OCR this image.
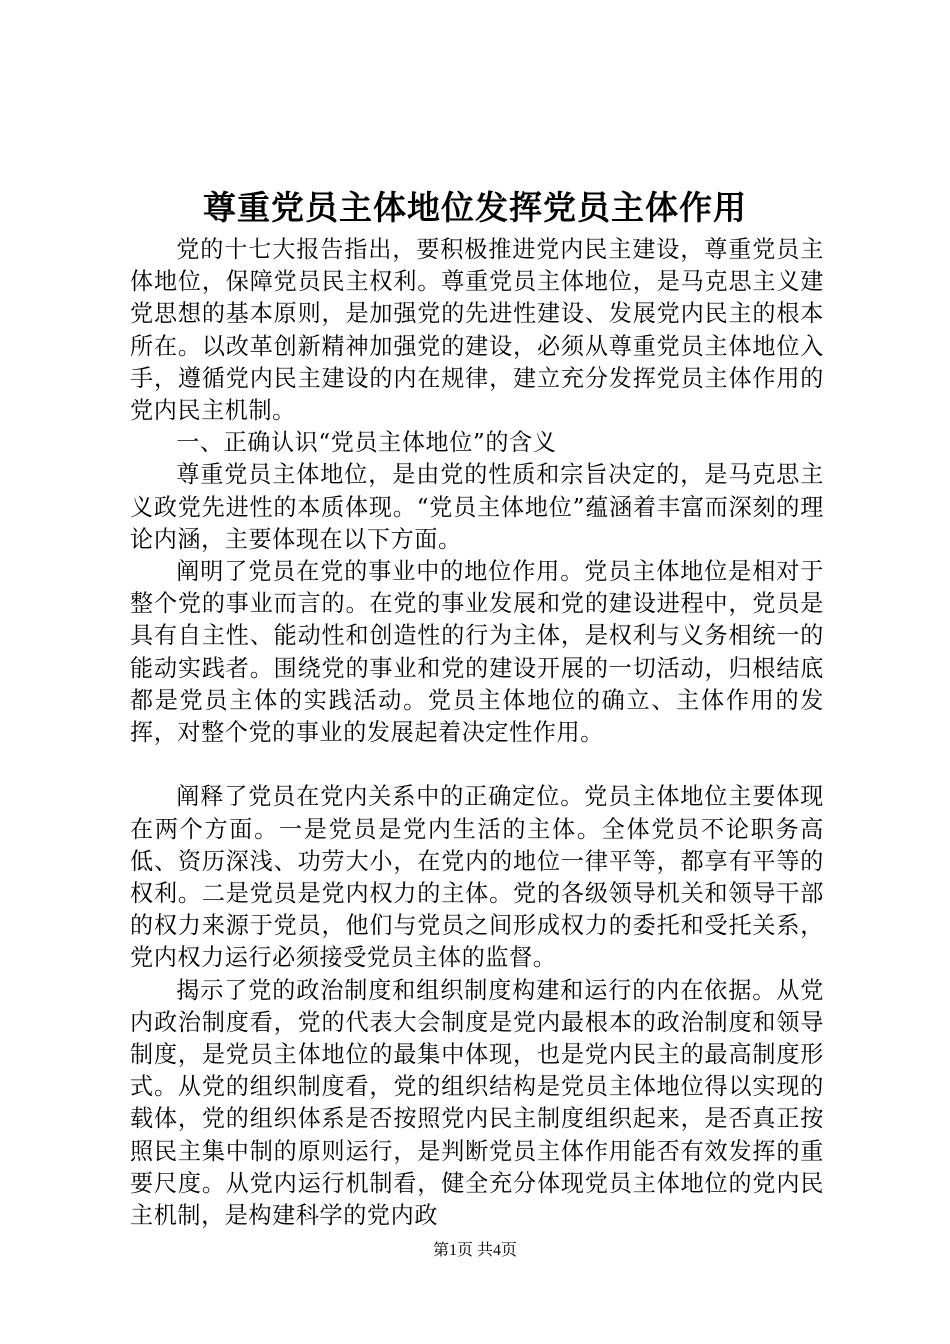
尊重党员主体地位发挥党员主体作用

党的十七大报告指出，要积极推进党内民主建设，尊重党员主体地位，保障党员民主权利。尊重党员主体地位，是马克思主义建党思想的基本原则，是加强党的先进性建设、发展党内民主的根本所在。以改革创新精神加强党的建设，必须从尊重党员主体地位入手，遵循党内民主建设的内在规律，建立充分发挥党员主体作用的党内民主机制。

一、正确认识“党员主体地位”的含义

尊重党员主体地位，是由党的性质和宗旨决定的，是马克思主义政党先进性的本质体现。“党员主体地位”蕴涵着丰富而深刻的理论内涵，主要体现在以下方面。

阐明了党员在党的事业中的地位作用。党员主体地位是相对于整个党的事业而言的。在党的事业发展和党的建设进程中，党员是具有自主性、能动性和创造性的行为主体，是权利与义务相统一的能动实践者。围绕党的事业和党的建设开展的一切活动，归根结底都是党员主体的实践活动。党员主体地位的确立、主体作用的发挥，对整个党的事业的发展起着决定性作用。

阐释了党员在党内关系中的正确定位。党员主体地位主要体现在两个方面。一是党员是党内生活的主体。全体党员不论职务高低、资历深浅、功劳大小，在党内的地位一律平等，都享有平等的权利。二是党员是党内权力的主体。党的各级领导机关和领导干部的权力来源于党员，他们与党员之间形成权力的委托和受托关系，党内权力运行必须接受党员主体的监督。

揭示了党的政治制度和组织制度构建和运行的内在依据。从党内政治制度看，党的代表大会制度是党内最根本的政治制度和领导制度，是党员主体地位的最集中体现，也是党内民主的最高制度形式。从党的组织制度看，党的组织结构是党员主体地位得以实现的载体，党的组织体系是否按照党内民主制度组织起来，是否真正按照民主集中制的原则运行，是判断党员主体作用能否有效发挥的重要尺度。从党内运行机制看，健全充分体现党员主体地位的党内民主机制，是构建科学的党内政

第1页 共4页
